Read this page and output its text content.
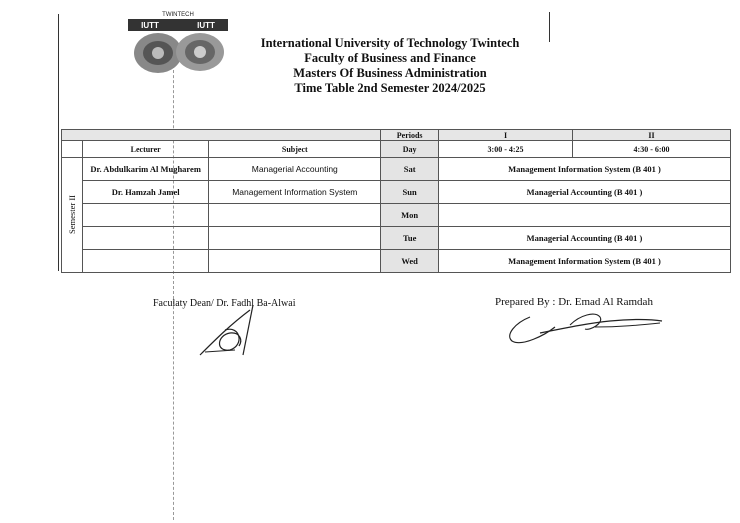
TWINTECH
IUTT	IUTT
International University of Technology Twintech
Faculty of Business and Finance
Masters Of Business Administration
Time Table 2nd Semester 2024/2025
			Periods	I	II
	Lecturer	Subject	Day	3:00 - 4:25	4:30 - 6:00
Semester II	Dr. Abdulkarim Al Mugharem	Managerial Accounting	Sat	Management Information System (B 401 )	
	Dr. Hamzah Jamel	Management Information System	Sun	Managerial Accounting (B 401 )	
			Mon		
			Tue	Managerial Accounting (B 401 )	
			Wed	Management Information System (B 401 )	
Faculaty Dean/ Dr. Fadhl Ba-Alwai	Prepared By : Dr. Emad Al Ramdah
